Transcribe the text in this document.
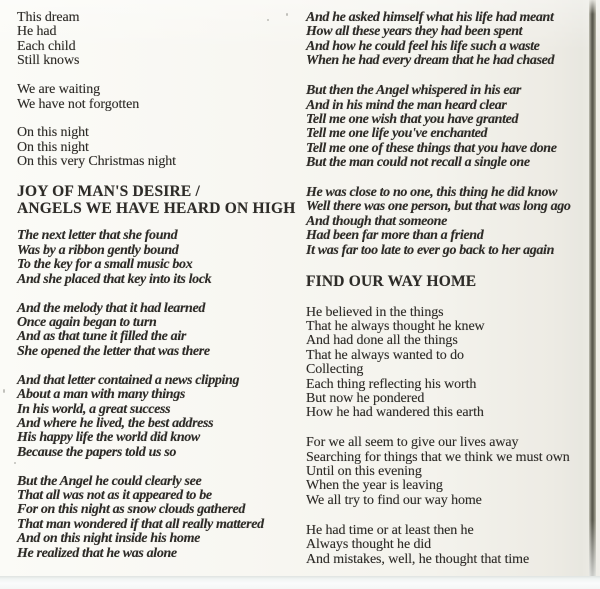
This dream
He had
Each child
Still knows
We are waiting
We have not forgotten
On this night
On this night
On this very Christmas night
JOY OF MAN'S DESIRE /
ANGELS WE HAVE HEARD ON HIGH
The next letter that she found
Was by a ribbon gently bound
To the key for a small music box
And she placed that key into its lock
And the melody that it had learned
Once again began to turn
And as that tune it filled the air
She opened the letter that was there
And that letter contained a news clipping
About a man with many things
In his world, a great success
And where he lived, the best address
His happy life the world did know
Because the papers told us so
But the Angel he could clearly see
That all was not as it appeared to be
For on this night as snow clouds gathered
That man wondered if that all really mattered
And on this night inside his home
He realized that he was alone
And he asked himself what his life had meant
How all these years they had been spent
And how he could feel his life such a waste
When he had every dream that he had chased
But then the Angel whispered in his ear
And in his mind the man heard clear
Tell me one wish that you have granted
Tell me one life you've enchanted
Tell me one of these things that you have done
But the man could not recall a single one
He was close to no one, this thing he did know
Well there was one person, but that was long ago
And though that someone
Had been far more than a friend
It was far too late to ever go back to her again
FIND OUR WAY HOME
He believed in the things
That he always thought he knew
And had done all the things
That he always wanted to do
Collecting
Each thing reflecting his worth
But now he pondered
How he had wandered this earth
For we all seem to give our lives away
Searching for things that we think we must own
Until on this evening
When the year is leaving
We all try to find our way home
He had time or at least then he
Always thought he did
And mistakes, well, he thought that time
